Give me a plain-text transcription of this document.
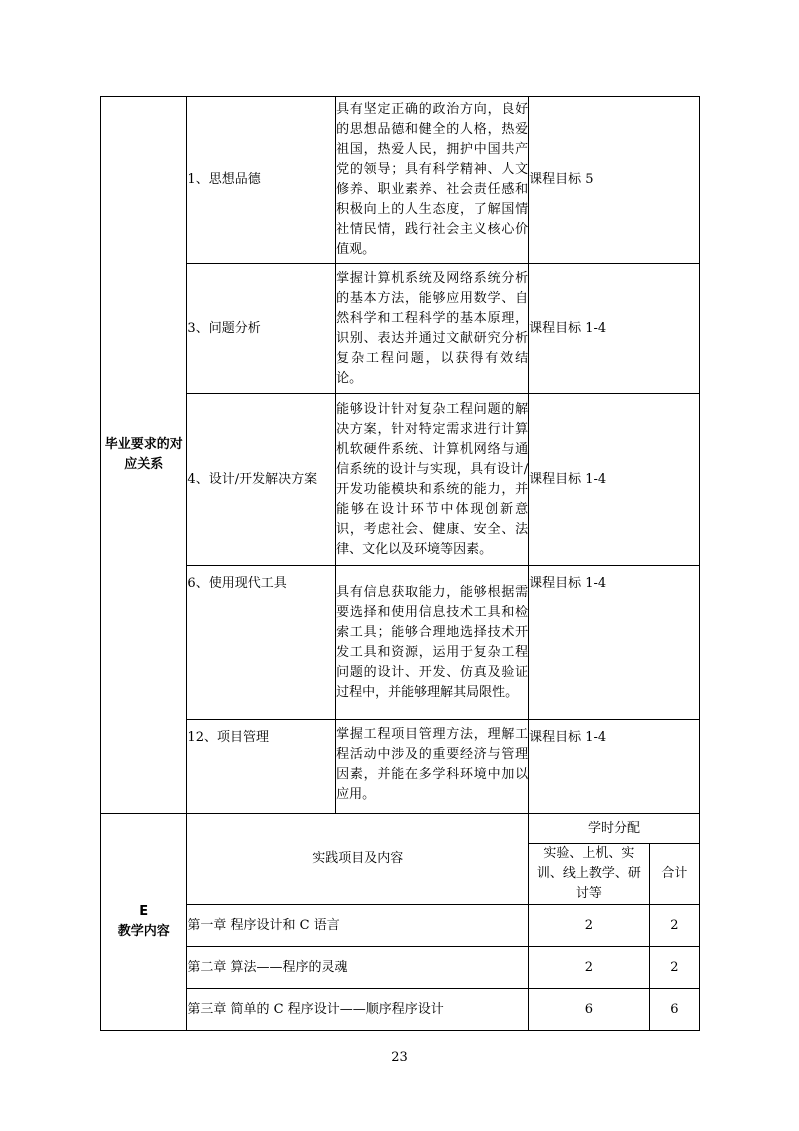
毕业要求的对应关系	1、思想品德	具有坚定正确的政治方向，良好的思想品德和健全的人格，热爱祖国，热爱人民，拥护中国共产党的领导；具有科学精神、人文修养、职业素养、社会责任感和积极向上的人生态度，了解国情社情民情，践行社会主义核心价值观。	课程目标 5	
	3、问题分析	掌握计算机系统及网络系统分析的基本方法，能够应用数学、自然科学和工程科学的基本原理，识别、表达并通过文献研究分析复杂工程问题，以获得有效结论。	课程目标 1-4	
	4、设计/开发解决方案	能够设计针对复杂工程问题的解决方案，针对特定需求进行计算机软硬件系统、计算机网络与通信系统的设计与实现，具有设计/开发功能模块和系统的能力，并能够在设计环节中体现创新意识，考虑社会、健康、安全、法律、文化以及环境等因素。	课程目标 1-4	
	6、使用现代工具	具有信息获取能力，能够根据需要选择和使用信息技术工具和检索工具；能够合理地选择技术开发工具和资源，运用于复杂工程问题的设计、开发、仿真及验证过程中，并能够理解其局限性。	课程目标 1-4	
	12、项目管理	掌握工程项目管理方法，理解工程活动中涉及的重要经济与管理因素，并能在多学科环境中加以应用。	课程目标 1-4	

E
教学内容	实践项目及内容		学时分配	
			实验、上机、实训、线上教学、研讨等	合计
	第一章 程序设计和 C 语言		2	2
	第二章 算法——程序的灵魂		2	2
	第三章 简单的 C 程序设计——顺序程序设计		6	6
23
